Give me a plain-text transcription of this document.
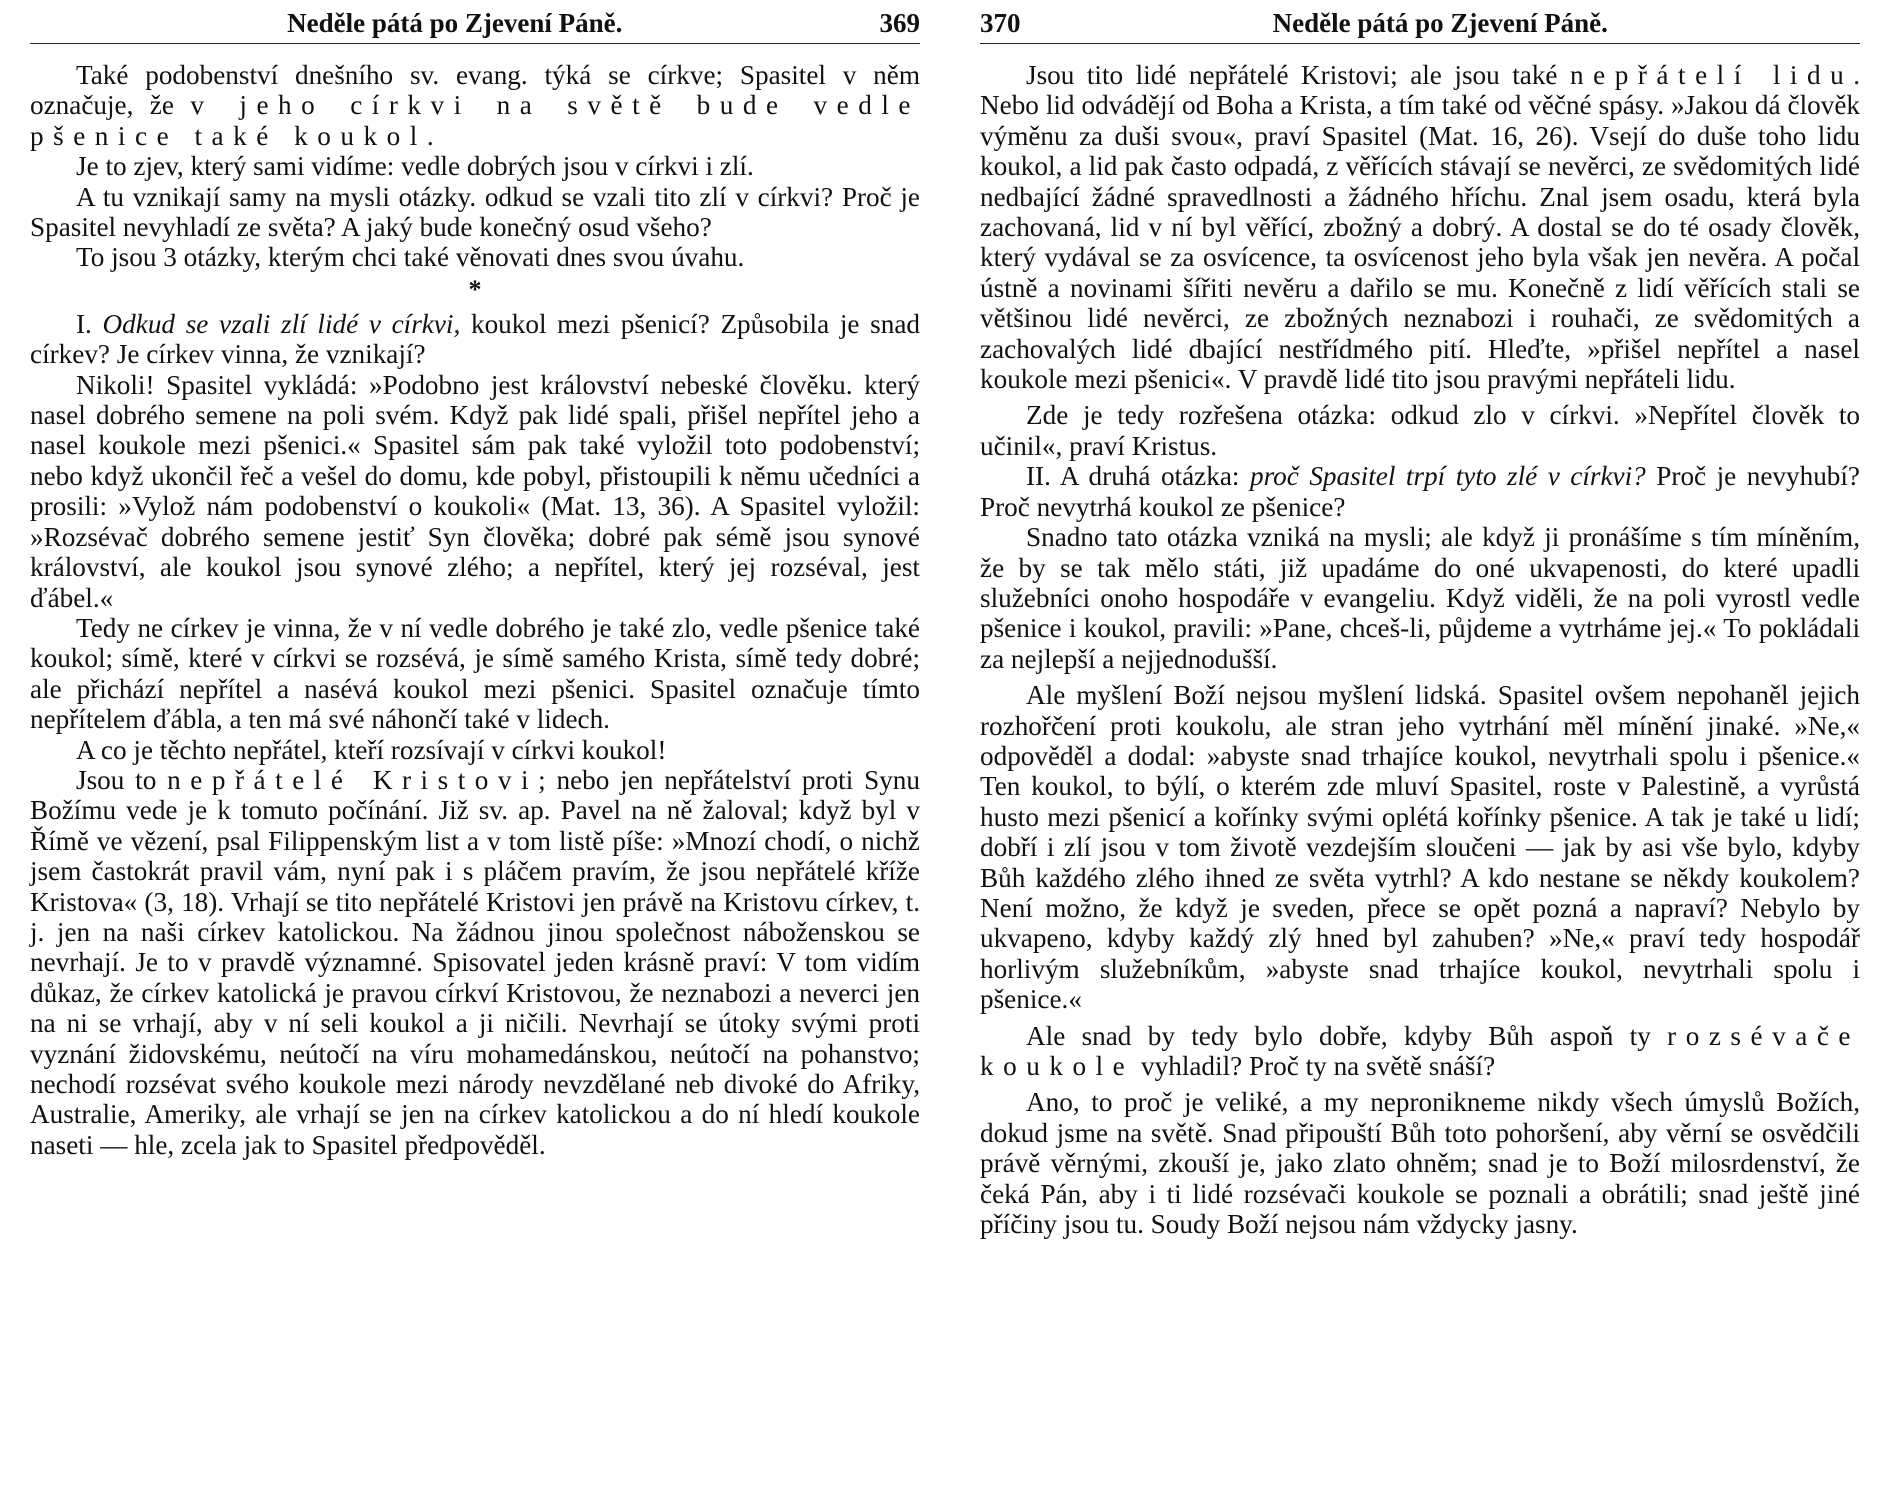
Neděle pátá po Zjevení Páně.	369

Také podobenství dnešního sv. evang. týká se církve; Spasitel v něm označuje, že v jeho církvi na světě bude vedle pšenice také koukol.

Je to zjev, který sami vidíme: vedle dobrých jsou v církvi i zlí.

A tu vznikají samy na mysli otázky. odkud se vzali tito zlí v církvi? Proč je Spasitel nevyhladí ze světa? A jaký bude konečný osud všeho?

To jsou 3 otázky, kterým chci také věnovati dnes svou úvahu.

*

I. Odkud se vzali zlí lidé v církvi, koukol mezi pšenicí? Způsobila je snad církev? Je církev vinna, že vznikají?

Nikoli! Spasitel vykládá: »Podobno jest království nebeské člověku. který nasel dobrého semene na poli svém. Když pak lidé spali, přišel nepřítel jeho a nasel koukole mezi pšenici.« Spasitel sám pak také vyložil toto podobenství; nebo když ukončil řeč a vešel do domu, kde pobyl, přistoupili k němu učedníci a prosili: »Vylož nám podobenství o koukoli« (Mat. 13, 36). A Spasitel vyložil: »Rozsévač dobrého semene jestiť Syn člověka; dobré pak sémě jsou synové království, ale koukol jsou synové zlého; a nepřítel, který jej rozséval, jest ďábel.«

Tedy ne církev je vinna, že v ní vedle dobrého je také zlo, vedle pšenice také koukol; símě, které v církvi se rozsévá, je símě samého Krista, símě tedy dobré; ale přichází nepřítel a nasévá koukol mezi pšenici. Spasitel označuje tímto nepřítelem ďábla, a ten má své náhončí také v lidech.

A co je těchto nepřátel, kteří rozsívají v církvi koukol!

Jsou to nepřátelé Kristovi; nebo jen nepřátelství proti Synu Božímu vede je k tomuto počínání. Již sv. ap. Pavel na ně žaloval; když byl v Římě ve vězení, psal Filippenským list a v tom listě píše: »Mnozí chodí, o nichž jsem častokrát pravil vám, nyní pak i s pláčem pravím, že jsou nepřátelé kříže Kristova« (3, 18). Vrhají se tito nepřátelé Kristovi jen právě na Kristovu církev, t. j. jen na naši církev katolickou. Na žádnou jinou společnost náboženskou se nevrhají. Je to v pravdě významné. Spisovatel jeden krásně praví: V tom vidím důkaz, že církev katolická je pravou církví Kristovou, že neznabozi a neverci jen na ni se vrhají, aby v ní seli koukol a ji ničili. Nevrhají se útoky svými proti vyznání židovskému, neútočí na víru mohamedánskou, neútočí na pohanstvo; nechodí rozsévat svého koukole mezi národy nevzdělané neb divoké do Afriky, Australie, Ameriky, ale vrhají se jen na církev katolickou a do ní hledí koukole naseti — hle, zcela jak to Spasitel předpověděl.

370	Neděle pátá po Zjevení Páně.

Jsou tito lidé nepřátelé Kristovi; ale jsou také nepřátelí lidu. Nebo lid odvádějí od Boha a Krista, a tím také od věčné spásy. »Jakou dá člověk výměnu za duši svou«, praví Spasitel (Mat. 16, 26). Vsejí do duše toho lidu koukol, a lid pak často odpadá, z věřících stávají se nevěrci, ze svědomitých lidé nedbající žádné spravedlnosti a žádného hříchu. Znal jsem osadu, která byla zachovaná, lid v ní byl věřící, zbožný a dobrý. A dostal se do té osady člověk, který vydával se za osvícence, ta osvícenost jeho byla však jen nevěra. A počal ústně a novinami šířiti nevěru a dařilo se mu. Konečně z lidí věřících stali se většinou lidé nevěrci, ze zbožných neznabozi i rouhači, ze svědomitých a zachovalých lidé dbající nestřídmého pití. Hleďte, »přišel nepřítel a nasel koukole mezi pšenici«. V pravdě lidé tito jsou pravými nepřáteli lidu.

Zde je tedy rozřešena otázka: odkud zlo v církvi. »Nepřítel člověk to učinil«, praví Kristus.

II. A druhá otázka: proč Spasitel trpí tyto zlé v církvi? Proč je nevyhubí? Proč nevytrhá koukol ze pšenice?

Snadno tato otázka vzniká na mysli; ale když ji pronášíme s tím míněním, že by se tak mělo státi, již upadáme do oné ukvapenosti, do které upadli služebníci onoho hospodáře v evangeliu. Když viděli, že na poli vyrostl vedle pšenice i koukol, pravili: »Pane, chceš-li, půjdeme a vytrháme jej.« To pokládali za nejlepší a nejjednodušší.

Ale myšlení Boží nejsou myšlení lidská. Spasitel ovšem nepohaněl jejich rozhořčení proti koukolu, ale stran jeho vytrhání měl mínění jinaké. »Ne,« odpověděl a dodal: »abyste snad trhajíce koukol, nevytrhali spolu i pšenice.« Ten koukol, to býlí, o kterém zde mluví Spasitel, roste v Palestině, a vyrůstá husto mezi pšenicí a kořínky svými oplétá kořínky pšenice. A tak je také u lidí; dobří i zlí jsou v tom životě vezdejším sloučeni — jak by asi vše bylo, kdyby Bůh každého zlého ihned ze světa vytrhl? A kdo nestane se někdy koukolem? Není možno, že když je sveden, přece se opět pozná a napraví? Nebylo by ukvapeno, kdyby každý zlý hned byl zahuben? »Ne,« praví tedy hospodář horlivým služebníkům, »abyste snad trhajíce koukol, nevytrhali spolu i pšenice.«

Ale snad by tedy bylo dobře, kdyby Bůh aspoň ty rozsévače koukole vyhladil? Proč ty na světě snáší?

Ano, to proč je veliké, a my nepronikneme nikdy všech úmyslů Božích, dokud jsme na světě. Snad připouští Bůh toto pohoršení, aby věrní se osvědčili právě věrnými, zkouší je, jako zlato ohněm; snad je to Boží milosrdenství, že čeká Pán, aby i ti lidé rozsévači koukole se poznali a obrátili; snad ještě jiné příčiny jsou tu. Soudy Boží nejsou nám vždycky jasny.
